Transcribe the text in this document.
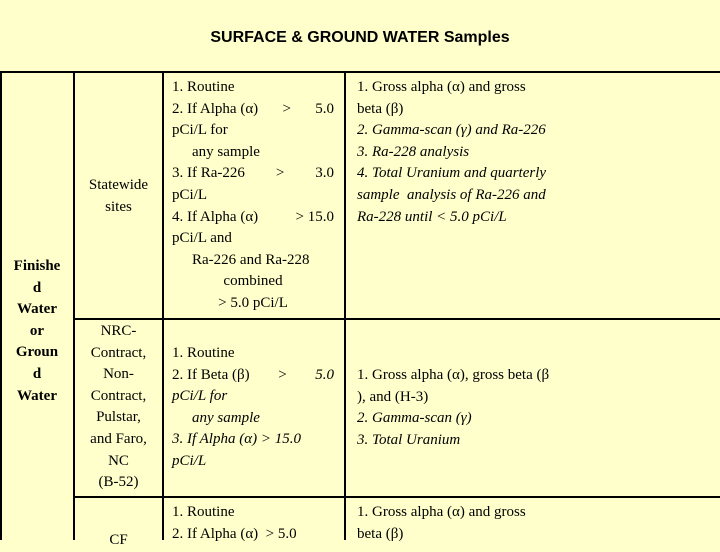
SURFACE & GROUND WATER Samples
Finishe
d
Water
or
Groun
d
Water
Statewide
sites
1. Routine
2. If Alpha (α) > 5.0
pCi/L for
any sample
3. If Ra-226 > 3.0
pCi/L
4. If Alpha (α) > 15.0
pCi/L and
Ra-226 and Ra-228
combined
> 5.0 pCi/L
1. Gross alpha (α) and gross
beta (β)
2. Gamma-scan (γ) and Ra-226
3. Ra-228 analysis
4. Total Uranium and quarterly
sample  analysis of Ra-226 and
Ra-228 until < 5.0 pCi/L
NRC-
Contract,
Non-
Contract,
Pulstar,
and Faro,
NC
(B-52)
1. Routine
2. If Beta (β) > 5.0
pCi/L for
any sample
3. If Alpha (α) > 15.0
pCi/L
1. Gross alpha (α), gross beta (β
), and (H-3)
2. Gamma-scan (γ)
3. Total Uranium
CF
1. Routine
2. If Alpha (α)  > 5.0
1. Gross alpha (α) and gross
beta (β)
